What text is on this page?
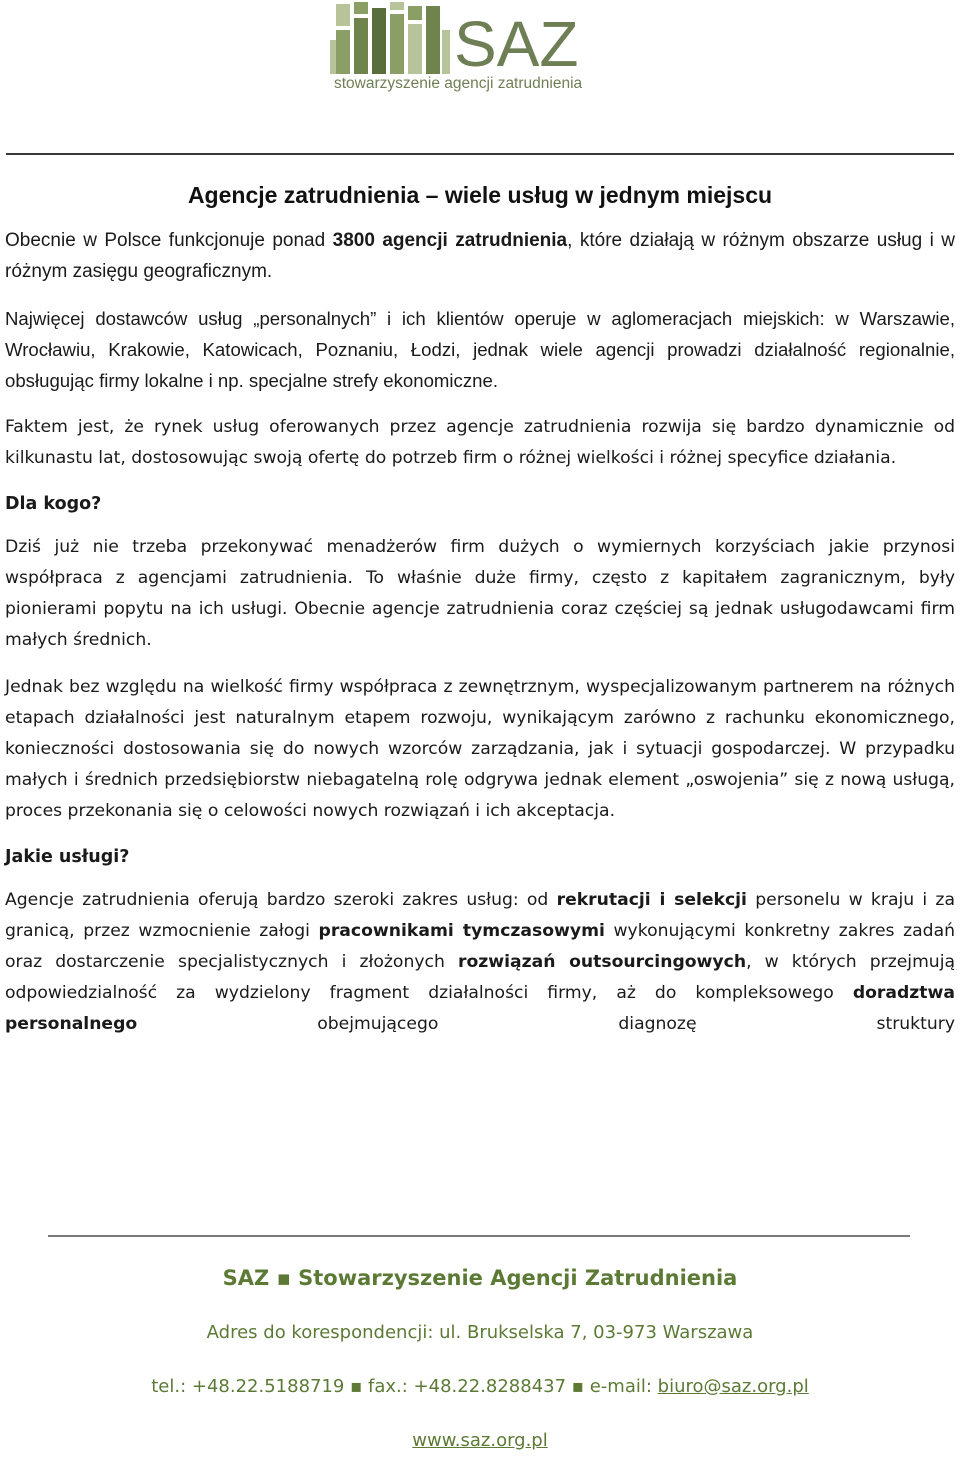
SAZ
stowarzyszenie agencji zatrudnienia
Agencje zatrudnienia – wiele usług w jednym miejscu

Obecnie w Polsce funkcjonuje ponad 3800 agencji zatrudnienia, które działają w różnym obszarze usług i w różnym zasięgu geograficznym.

Najwięcej dostawców usług „personalnych” i ich klientów operuje w aglomeracjach miejskich: w Warszawie, Wrocławiu, Krakowie, Katowicach, Poznaniu, Łodzi, jednak wiele agencji prowadzi działalność regionalnie, obsługując firmy lokalne i np. specjalne strefy ekonomiczne.

Faktem jest, że rynek usług oferowanych przez agencje zatrudnienia rozwija się bardzo dynamicznie od kilkunastu lat, dostosowując swoją ofertę do potrzeb firm o różnej wielkości i różnej specyfice działania.

Dla kogo?

Dziś już nie trzeba przekonywać menadżerów firm dużych o wymiernych korzyściach jakie przynosi współpraca z agencjami zatrudnienia. To właśnie duże firmy, często z kapitałem zagranicznym, były pionierami popytu na ich usługi. Obecnie agencje zatrudnienia coraz częściej są jednak usługodawcami firm małych średnich.

Jednak bez względu na wielkość firmy współpraca z zewnętrznym, wyspecjalizowanym partnerem na różnych etapach działalności jest naturalnym etapem rozwoju, wynikającym zarówno z rachunku ekonomicznego, konieczności dostosowania się do nowych wzorców zarządzania, jak i sytuacji gospodarczej. W przypadku małych i średnich przedsiębiorstw niebagatelną rolę odgrywa jednak element „oswojenia” się z nową usługą, proces przekonania się o celowości nowych rozwiązań i ich akceptacja.

Jakie usługi?

Agencje zatrudnienia oferują bardzo szeroki zakres usług: od rekrutacji i selekcji personelu w kraju i za granicą, przez wzmocnienie załogi pracownikami tymczasowymi wykonującymi konkretny zakres zadań oraz dostarczenie specjalistycznych i złożonych rozwiązań outsourcingowych, w których przejmują odpowiedzialność za wydzielony fragment działalności firmy, aż do kompleksowego doradztwa personalnego obejmującego diagnozę struktury

SAZ ▪ Stowarzyszenie Agencji Zatrudnienia
Adres do korespondencji: ul. Brukselska 7, 03-973 Warszawa
tel.: +48.22.5188719 ▪ fax.: +48.22.8288437 ▪ e-mail: biuro@saz.org.pl
www.saz.org.pl
